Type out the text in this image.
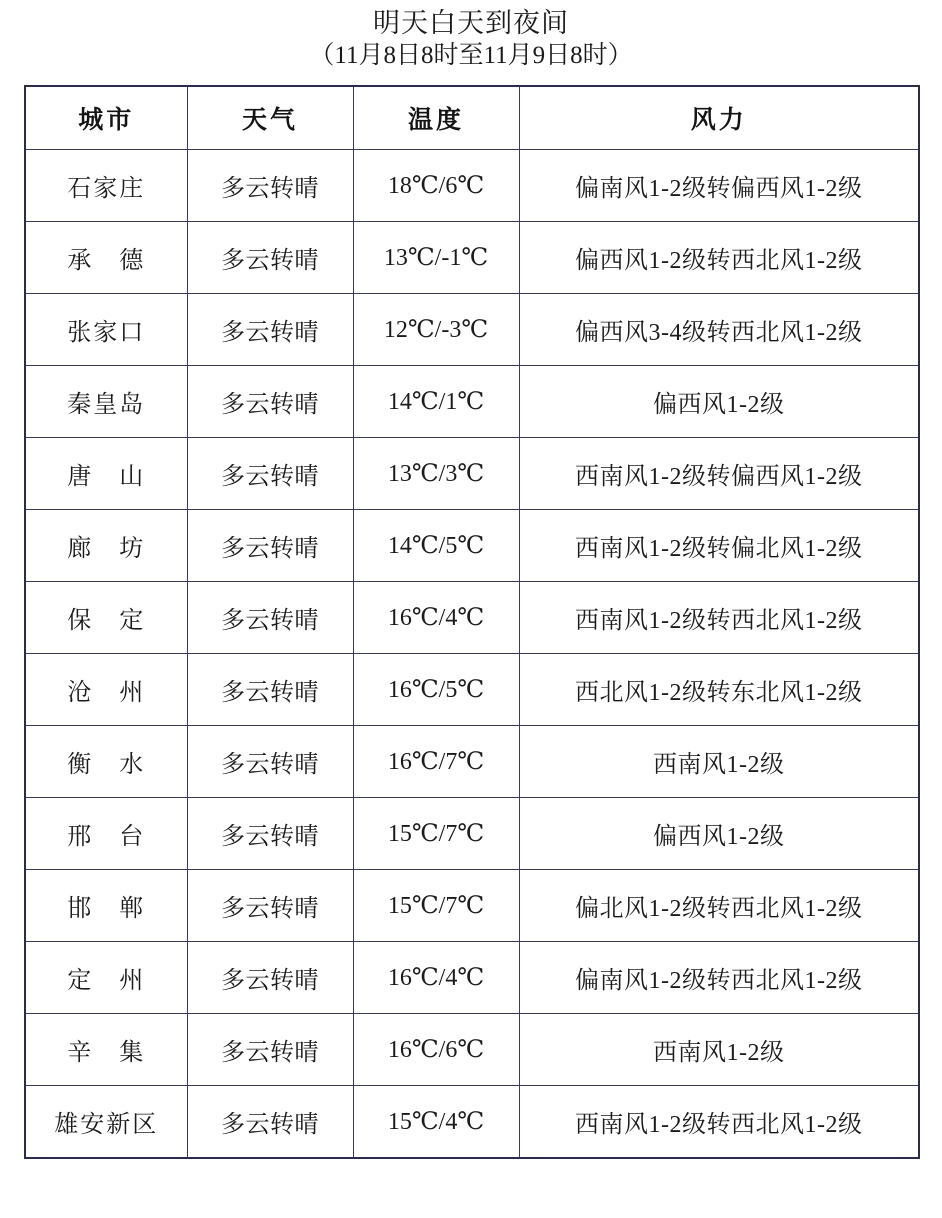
明天白天到夜间
（11月8日8时至11月9日8时）
城市	天气	温度	风力
石家庄	多云转晴	18℃/6℃	偏南风1-2级转偏西风1-2级
承　德	多云转晴	13℃/-1℃	偏西风1-2级转西北风1-2级
张家口	多云转晴	12℃/-3℃	偏西风3-4级转西北风1-2级
秦皇岛	多云转晴	14℃/1℃	偏西风1-2级
唐　山	多云转晴	13℃/3℃	西南风1-2级转偏西风1-2级
廊　坊	多云转晴	14℃/5℃	西南风1-2级转偏北风1-2级
保　定	多云转晴	16℃/4℃	西南风1-2级转西北风1-2级
沧　州	多云转晴	16℃/5℃	西北风1-2级转东北风1-2级
衡　水	多云转晴	16℃/7℃	西南风1-2级
邢　台	多云转晴	15℃/7℃	偏西风1-2级
邯　郸	多云转晴	15℃/7℃	偏北风1-2级转西北风1-2级
定　州	多云转晴	16℃/4℃	偏南风1-2级转西北风1-2级
辛　集	多云转晴	16℃/6℃	西南风1-2级
雄安新区	多云转晴	15℃/4℃	西南风1-2级转西北风1-2级
